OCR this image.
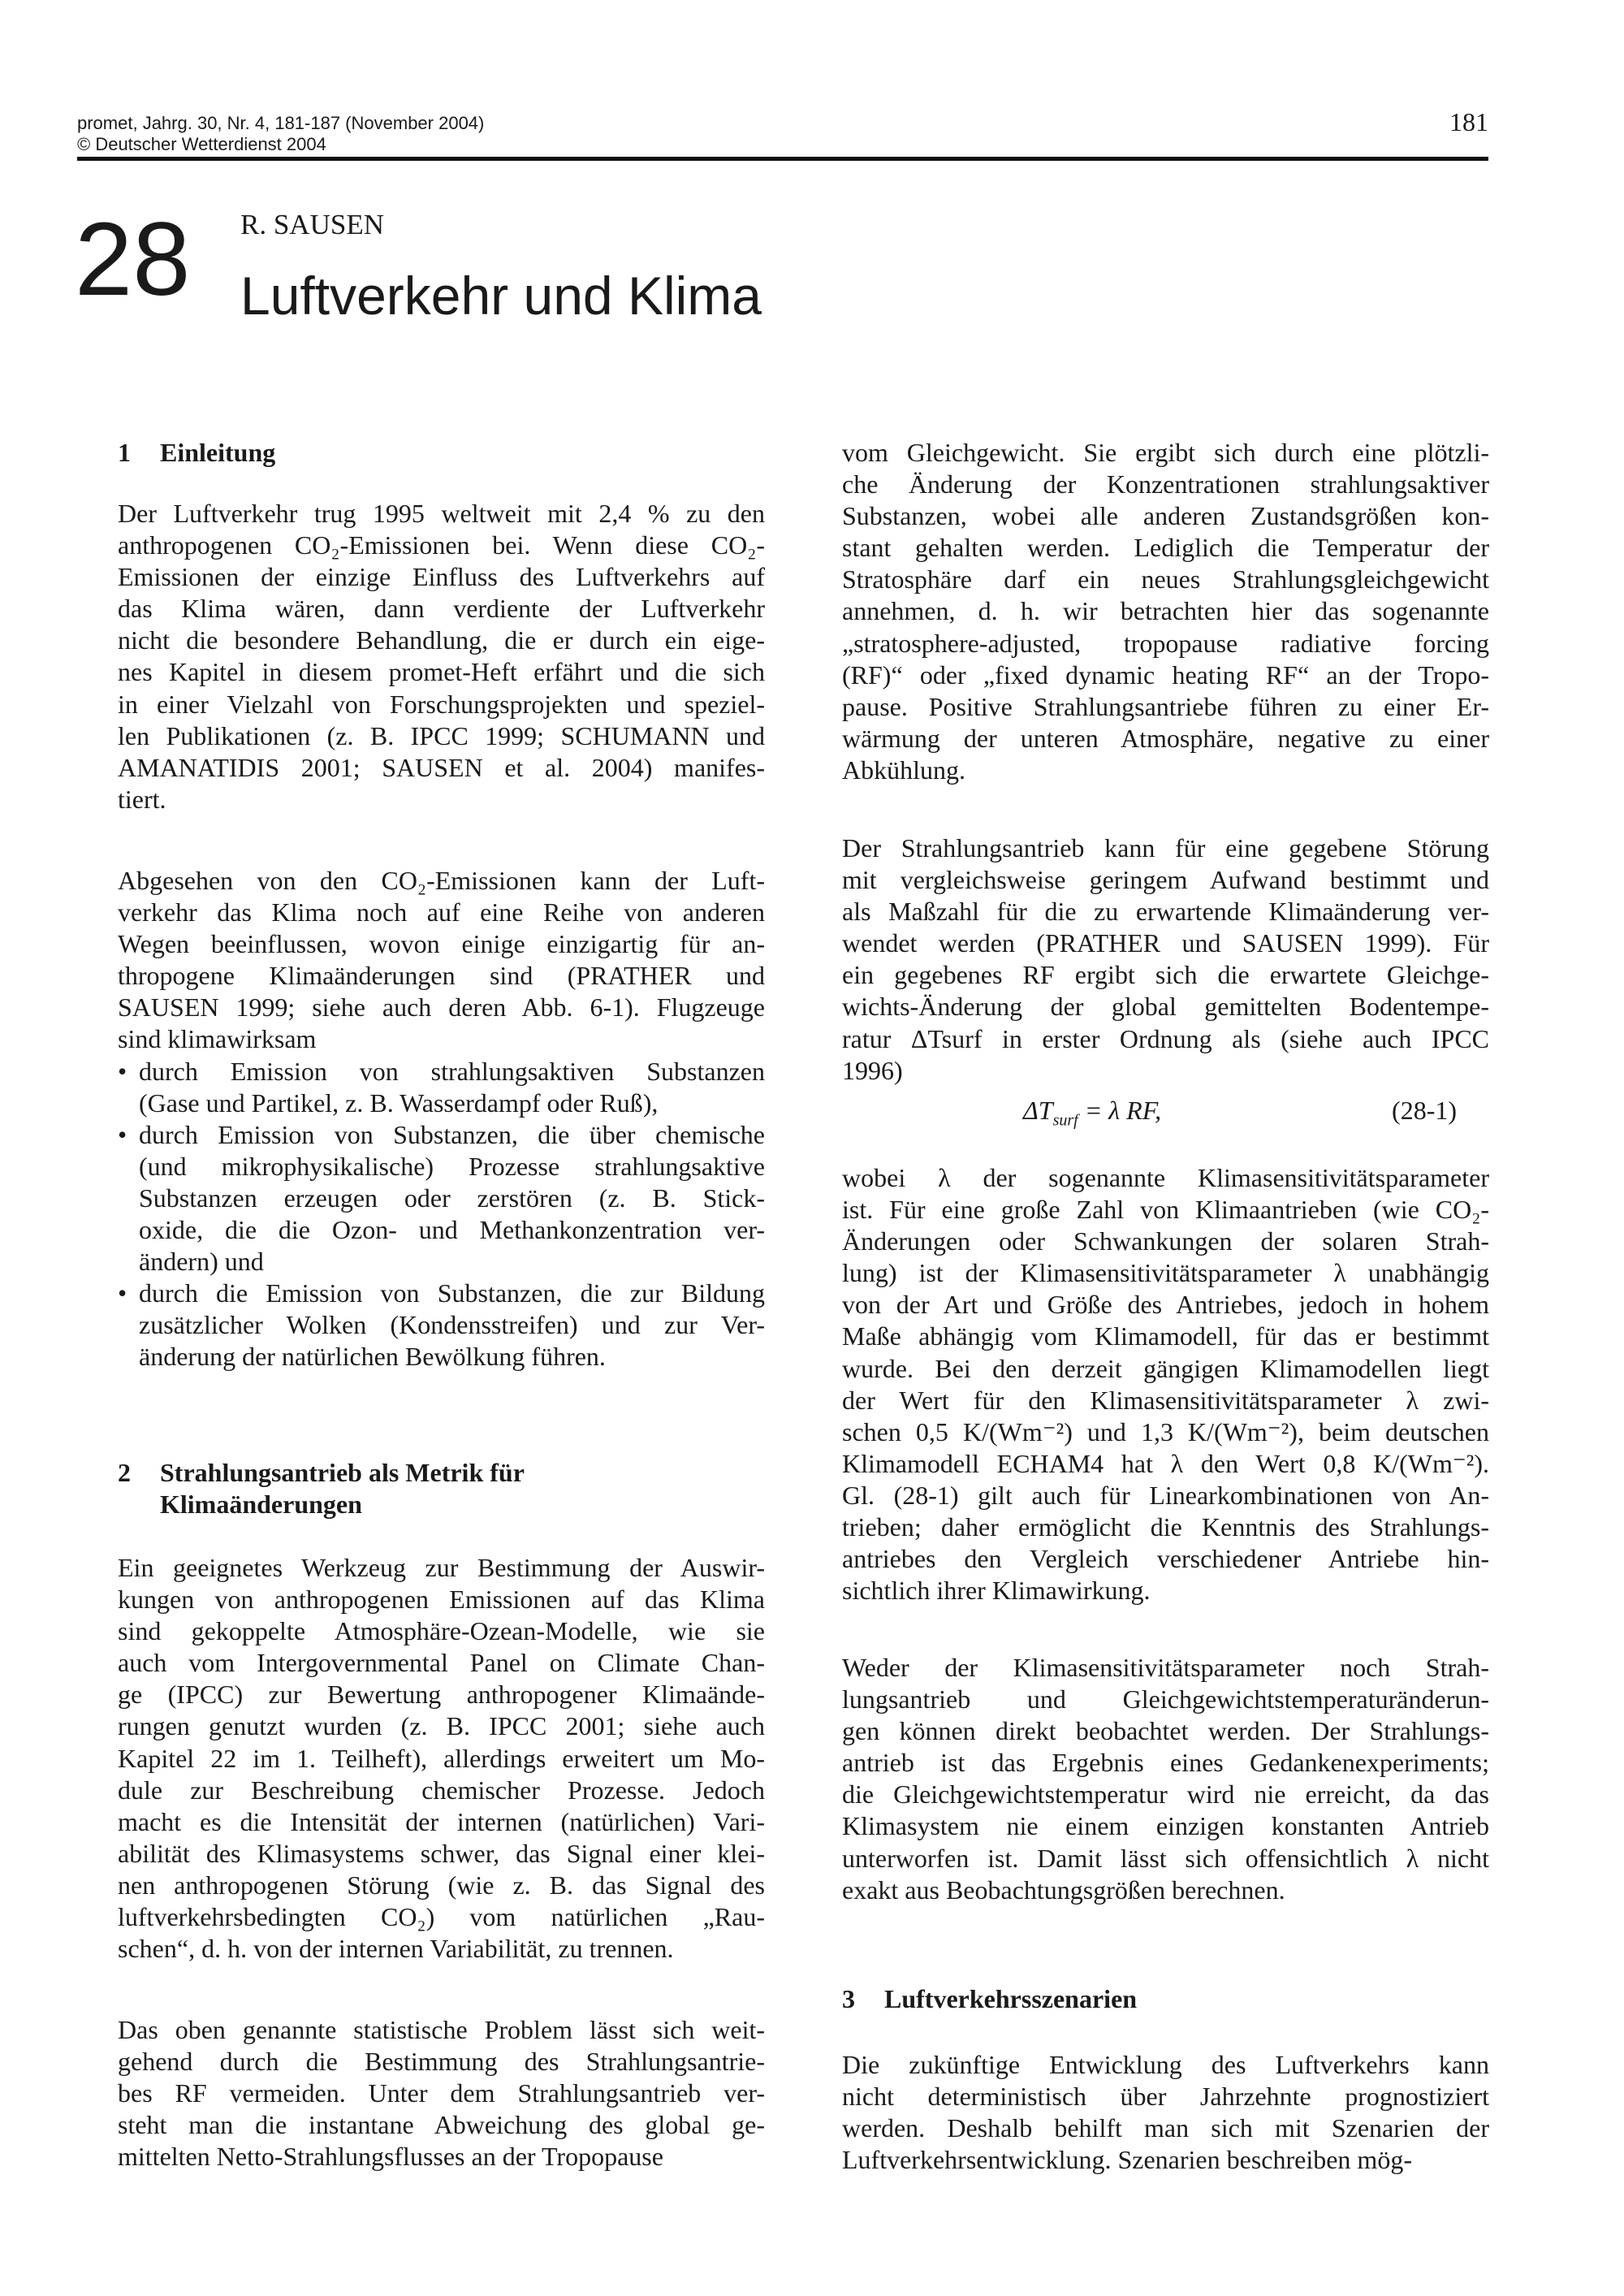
promet, Jahrg. 30, Nr. 4, 181-187 (November 2004)
© Deutscher Wetterdienst 2004
181
R. SAUSEN
28 Luftverkehr und Klima
1 Einleitung
Der Luftverkehr trug 1995 weltweit mit 2,4 % zu den
anthropogenen CO₂-Emissionen bei. Wenn diese CO₂-
Emissionen der einzige Einfluss des Luftverkehrs auf
das Klima wären, dann verdiente der Luftverkehr
nicht die besondere Behandlung, die er durch ein eige-
nes Kapitel in diesem promet-Heft erfährt und die sich
in einer Vielzahl von Forschungsprojekten und speziel-
len Publikationen (z. B. IPCC 1999; SCHUMANN und
AMANATIDIS 2001; SAUSEN et al. 2004) manifes-
tiert.
Abgesehen von den CO₂-Emissionen kann der Luft-
verkehr das Klima noch auf eine Reihe von anderen
Wegen beeinflussen, wovon einige einzigartig für an-
thropogene Klimaänderungen sind (PRATHER und
SAUSEN 1999; siehe auch deren Abb. 6-1). Flugzeuge
sind klimawirksam
• durch Emission von strahlungsaktiven Substanzen
(Gase und Partikel, z. B. Wasserdampf oder Ruß),
• durch Emission von Substanzen, die über chemische
(und mikrophysikalische) Prozesse strahlungsaktive
Substanzen erzeugen oder zerstören (z. B. Stick-
oxide, die die Ozon- und Methankonzentration ver-
ändern) und
• durch die Emission von Substanzen, die zur Bildung
zusätzlicher Wolken (Kondensstreifen) und zur Ver-
änderung der natürlichen Bewölkung führen.
2 Strahlungsantrieb als Metrik für
Klimaänderungen
Ein geeignetes Werkzeug zur Bestimmung der Auswir-
kungen von anthropogenen Emissionen auf das Klima
sind gekoppelte Atmosphäre-Ozean-Modelle, wie sie
auch vom Intergovernmental Panel on Climate Chan-
ge (IPCC) zur Bewertung anthropogener Klimaände-
rungen genutzt wurden (z. B. IPCC 2001; siehe auch
Kapitel 22 im 1. Teilheft), allerdings erweitert um Mo-
dule zur Beschreibung chemischer Prozesse. Jedoch
macht es die Intensität der internen (natürlichen) Vari-
abilität des Klimasystems schwer, das Signal einer klei-
nen anthropogenen Störung (wie z. B. das Signal des
luftverkehrsbedingten CO₂) vom natürlichen „Rau-
schen“, d. h. von der internen Variabilität, zu trennen.
Das oben genannte statistische Problem lässt sich weit-
gehend durch die Bestimmung des Strahlungsantrie-
bes RF vermeiden. Unter dem Strahlungsantrieb ver-
steht man die instantane Abweichung des global ge-
mittelten Netto-Strahlungsflusses an der Tropopause
vom Gleichgewicht. Sie ergibt sich durch eine plötzli-
che Änderung der Konzentrationen strahlungsaktiver
Substanzen, wobei alle anderen Zustandsgrößen kon-
stant gehalten werden. Lediglich die Temperatur der
Stratosphäre darf ein neues Strahlungsgleichgewicht
annehmen, d. h. wir betrachten hier das sogenannte
„stratosphere-adjusted, tropopause radiative forcing
(RF)“ oder „fixed dynamic heating RF“ an der Tropo-
pause. Positive Strahlungsantriebe führen zu einer Er-
wärmung der unteren Atmosphäre, negative zu einer
Abkühlung.
Der Strahlungsantrieb kann für eine gegebene Störung
mit vergleichsweise geringem Aufwand bestimmt und
als Maßzahl für die zu erwartende Klimaänderung ver-
wendet werden (PRATHER und SAUSEN 1999). Für
ein gegebenes RF ergibt sich die erwartete Gleichge-
wichts-Änderung der global gemittelten Bodentempe-
ratur ΔTsurf in erster Ordnung als (siehe auch IPCC
1996)
$\Delta T_{surf} = \lambda$ RF,	(28-1)
wobei λ der sogenannte Klimasensitivitätsparameter
ist. Für eine große Zahl von Klimaantrieben (wie CO₂-
Änderungen oder Schwankungen der solaren Strah-
lung) ist der Klimasensitivitätsparameter λ unabhängig
von der Art und Größe des Antriebes, jedoch in hohem
Maße abhängig vom Klimamodell, für das er bestimmt
wurde. Bei den derzeit gängigen Klimamodellen liegt
der Wert für den Klimasensitivitätsparameter λ zwi-
schen 0,5 K/(Wm⁻²) und 1,3 K/(Wm⁻²), beim deutschen
Klimamodell ECHAM4 hat λ den Wert 0,8 K/(Wm⁻²).
Gl. (28-1) gilt auch für Linearkombinationen von An-
trieben; daher ermöglicht die Kenntnis des Strahlungs-
antriebes den Vergleich verschiedener Antriebe hin-
sichtlich ihrer Klimawirkung.
Weder der Klimasensitivitätsparameter noch Strah-
lungsantrieb und Gleichgewichtstemperaturänderun-
gen können direkt beobachtet werden. Der Strahlungs-
antrieb ist das Ergebnis eines Gedankenexperiments;
die Gleichgewichtstemperatur wird nie erreicht, da das
Klimasystem nie einem einzigen konstanten Antrieb
unterworfen ist. Damit lässt sich offensichtlich λ nicht
exakt aus Beobachtungsgrößen berechnen.
3 Luftverkehrsszenarien
Die zukünftige Entwicklung des Luftverkehrs kann
nicht deterministisch über Jahrzehnte prognostiziert
werden. Deshalb behilft man sich mit Szenarien der
Luftverkehrsentwicklung. Szenarien beschreiben mög-
